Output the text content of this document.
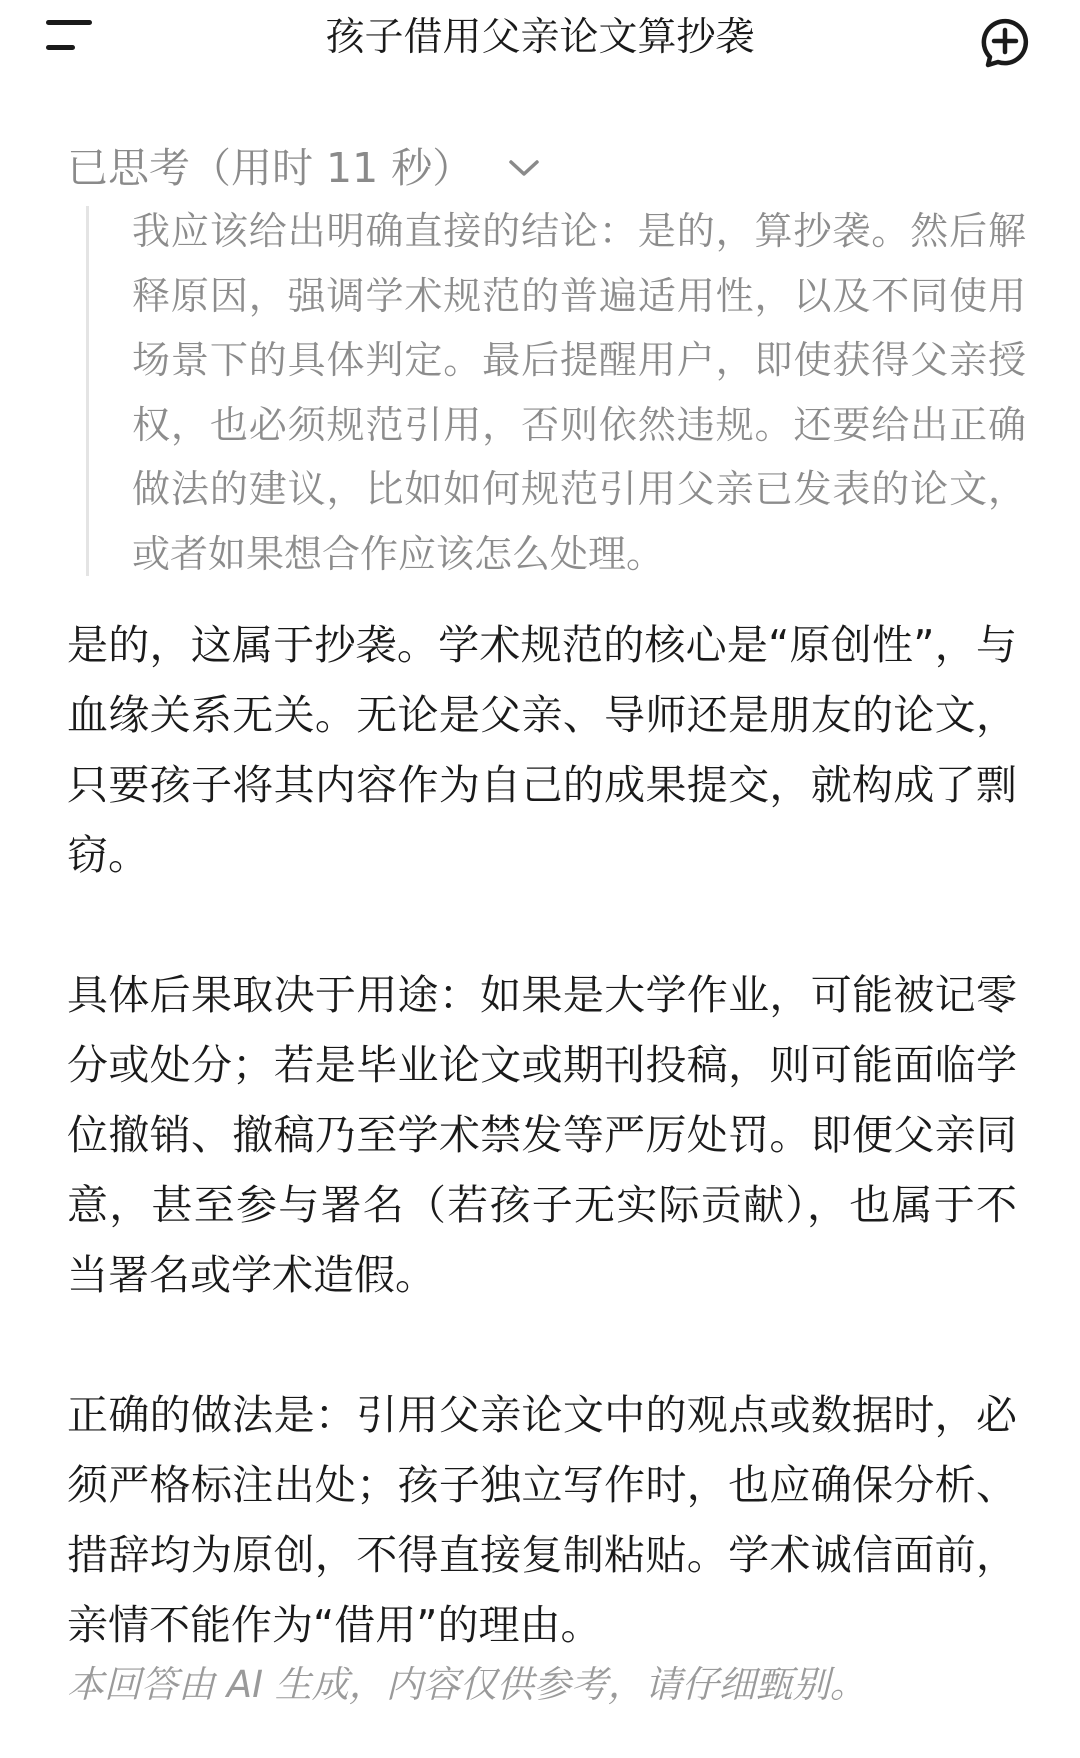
孩子借用父亲论文算抄袭
已思考（用时 11 秒）

我应该给出明确直接的结论：是的，算抄袭。然后解释原因，强调学术规范的普遍适用性，以及不同使用场景下的具体判定。最后提醒用户，即使获得父亲授权，也必须规范引用，否则依然违规。还要给出正确做法的建议，比如如何规范引用父亲已发表的论文，或者如果想合作应该怎么处理。

是的，这属于抄袭。学术规范的核心是“原创性”，与血缘关系无关。无论是父亲、导师还是朋友的论文，只要孩子将其内容作为自己的成果提交，就构成了剽窃。

具体后果取决于用途：如果是大学作业，可能被记零分或处分；若是毕业论文或期刊投稿，则可能面临学位撤销、撤稿乃至学术禁发等严厉处罚。即便父亲同意，甚至参与署名（若孩子无实际贡献），也属于不当署名或学术造假。

正确的做法是：引用父亲论文中的观点或数据时，必须严格标注出处；孩子独立写作时，也应确保分析、措辞均为原创，不得直接复制粘贴。学术诚信面前，亲情不能作为“借用”的理由。

本回答由 AI 生成，内容仅供参考，请仔细甄别。
